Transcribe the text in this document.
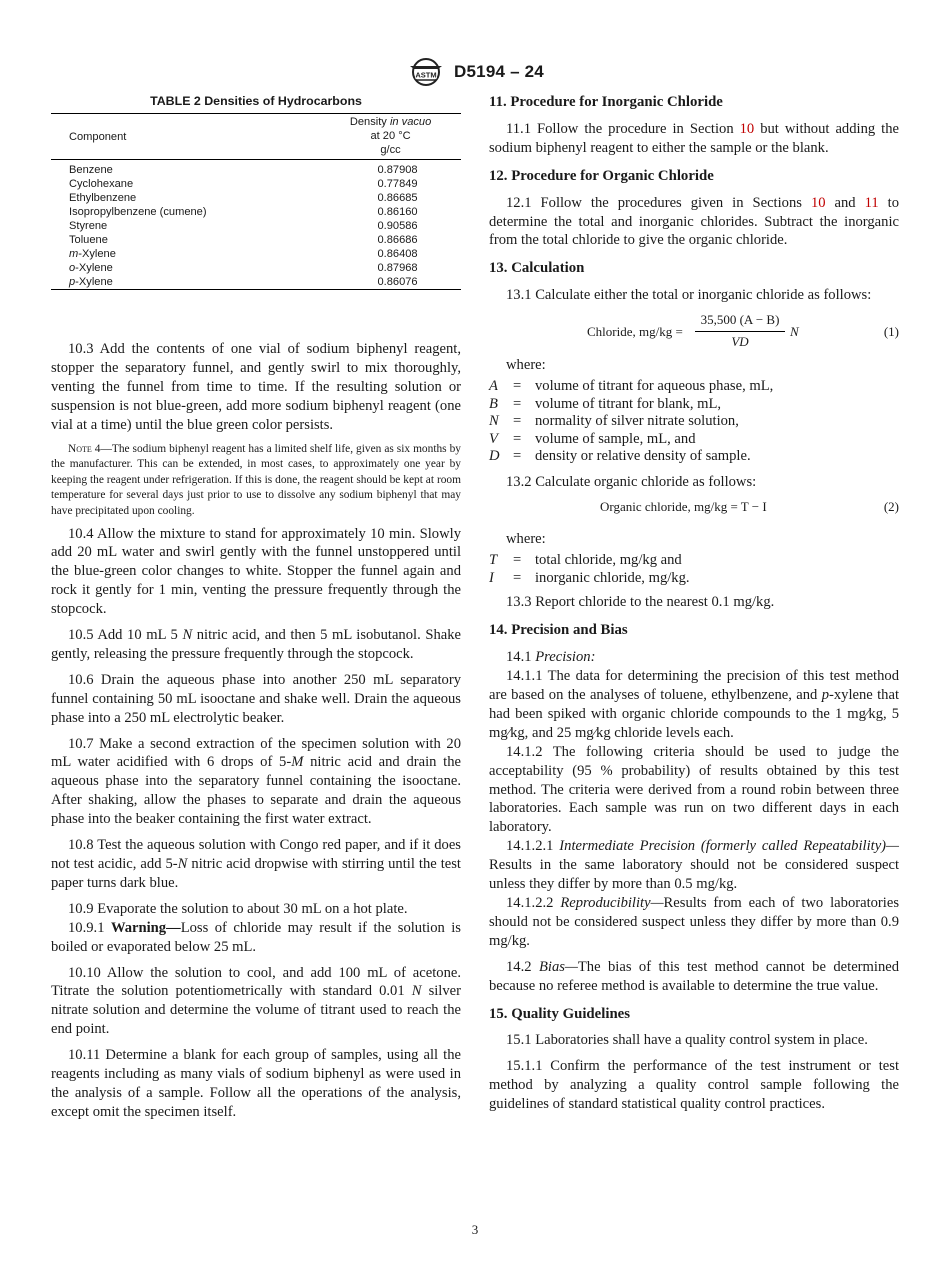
ASTM D5194 – 24
TABLE 2 Densities of Hydrocarbons
Component	Density in vacuo
at 20 °C
g/cc
Benzene	0.87908
Cyclohexane	0.77849
Ethylbenzene	0.86685
Isopropylbenzene (cumene)	0.86160
Styrene	0.90586
Toluene	0.86686
m-Xylene	0.86408
o-Xylene	0.87968
p-Xylene	0.86076

10.3 Add the contents of one vial of sodium biphenyl reagent, stopper the separatory funnel, and gently swirl to mix thoroughly, venting the funnel from time to time. If the resulting solution or suspension is not blue-green, add more sodium biphenyl reagent (one vial at a time) until the blue green color persists.

Note 4—The sodium biphenyl reagent has a limited shelf life, given as six months by the manufacturer. This can be extended, in most cases, to approximately one year by keeping the reagent under refrigeration. If this is done, the reagent should be kept at room temperature for several days just prior to use to dissolve any sodium biphenyl that may have precipitated upon cooling.

10.4 Allow the mixture to stand for approximately 10 min. Slowly add 20 mL water and swirl gently with the funnel unstoppered until the blue-green color changes to white. Stopper the funnel again and rock it gently for 1 min, venting the pressure frequently through the stopcock.

10.5 Add 10 mL 5 N nitric acid, and then 5 mL isobutanol. Shake gently, releasing the pressure frequently through the stopcock.

10.6 Drain the aqueous phase into another 250 mL separatory funnel containing 50 mL isooctane and shake well. Drain the aqueous phase into a 250 mL electrolytic beaker.

10.7 Make a second extraction of the specimen solution with 20 mL water acidified with 6 drops of 5-M nitric acid and drain the aqueous phase into the separatory funnel containing the isooctane. After shaking, allow the phases to separate and drain the aqueous phase into the beaker containing the first water extract.

10.8 Test the aqueous solution with Congo red paper, and if it does not test acidic, add 5-N nitric acid dropwise with stirring until the test paper turns dark blue.

10.9 Evaporate the solution to about 30 mL on a hot plate.

10.9.1 Warning—Loss of chloride may result if the solution is boiled or evaporated below 25 mL.

10.10 Allow the solution to cool, and add 100 mL of acetone. Titrate the solution potentiometrically with standard 0.01 N silver nitrate solution and determine the volume of titrant used to reach the end point.

10.11 Determine a blank for each group of samples, using all the reagents including as many vials of sodium biphenyl as were used in the analysis of a sample. Follow all the operations of the analysis, except omit the specimen itself.

11. Procedure for Inorganic Chloride

11.1 Follow the procedure in Section 10 but without adding the sodium biphenyl reagent to either the sample or the blank.

12. Procedure for Organic Chloride

12.1 Follow the procedures given in Sections 10 and 11 to determine the total and inorganic chlorides. Subtract the inorganic from the total chloride to give the organic chloride.

13. Calculation

13.1 Calculate either the total or inorganic chloride as follows:

Chloride, $mg/kg = \frac{35,500 (A - B)}{VD}$ N	(1)

where:

A	= volume of titrant for aqueous phase, mL,
B	= volume of titrant for blank, mL,
N = normality of silver nitrate solution,
V	= volume of sample, mL, and
D = density or relative density of sample.

13.2 Calculate organic chloride as follows:

Organic chloride, mg/kg = T − I	(2)

where:

T	= total chloride, mg/kg and
I	= inorganic chloride, mg/kg.

13.3 Report chloride to the nearest 0.1 mg/kg.

14. Precision and Bias

14.1 Precision:

14.1.1 The data for determining the precision of this test method are based on the analyses of toluene, ethylbenzene, and p-xylene that had been spiked with organic chloride compounds to the 1 mg⁄kg, 5 mg⁄kg, and 25 mg⁄kg chloride levels each.

14.1.2 The following criteria should be used to judge the acceptability (95 % probability) of results obtained by this test method. The criteria were derived from a round robin between three laboratories. Each sample was run on two different days in each laboratory.

14.1.2.1 Intermediate Precision (formerly called Repeatability)—Results in the same laboratory should not be considered suspect unless they differ by more than 0.5 mg/kg.

14.1.2.2 Reproducibility—Results from each of two laboratories should not be considered suspect unless they differ by more than 0.9 mg/kg.

14.2 Bias—The bias of this test method cannot be determined because no referee method is available to determine the true value.

15. Quality Guidelines

15.1 Laboratories shall have a quality control system in place.

15.1.1 Confirm the performance of the test instrument or test method by analyzing a quality control sample following the guidelines of standard statistical quality control practices.

3
